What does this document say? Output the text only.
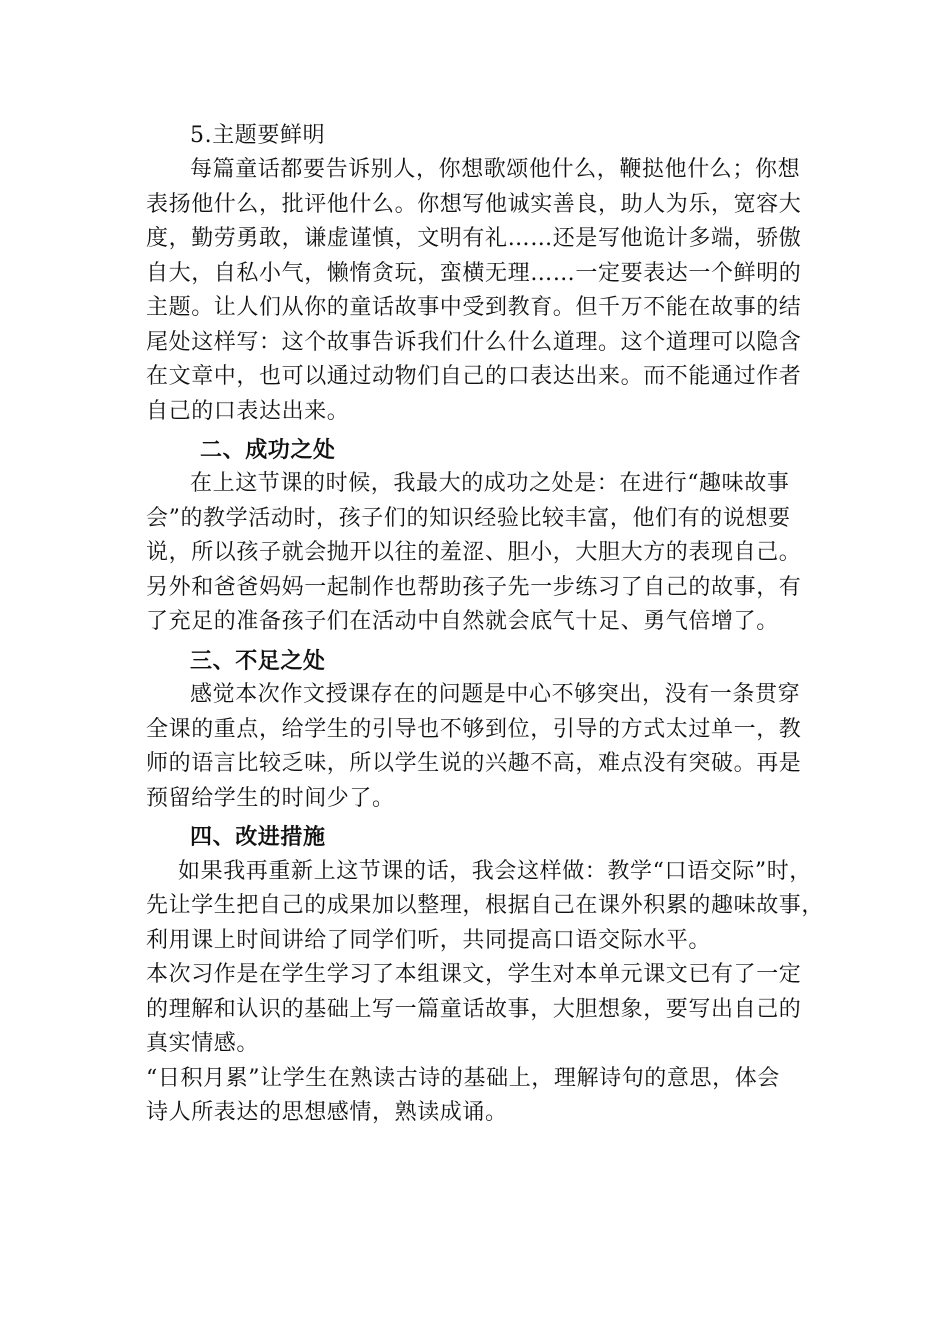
5.主题要鲜明
每篇童话都要告诉别人，你想歌颂他什么，鞭挞他什么；你想
表扬他什么，批评他什么。你想写他诚实善良，助人为乐，宽容大
度，勤劳勇敢，谦虚谨慎，文明有礼……还是写他诡计多端，骄傲
自大，自私小气，懒惰贪玩，蛮横无理……一定要表达一个鲜明的
主题。让人们从你的童话故事中受到教育。但千万不能在故事的结
尾处这样写：这个故事告诉我们什么什么道理。这个道理可以隐含
在文章中，也可以通过动物们自己的口表达出来。而不能通过作者
自己的口表达出来。
二、成功之处
在上这节课的时候，我最大的成功之处是：在进行“趣味故事
会”的教学活动时，孩子们的知识经验比较丰富，他们有的说想要
说，所以孩子就会抛开以往的羞涩、胆小，大胆大方的表现自己。
另外和爸爸妈妈一起制作也帮助孩子先一步练习了自己的故事，有
了充足的准备孩子们在活动中自然就会底气十足、勇气倍增了。
三、不足之处
感觉本次作文授课存在的问题是中心不够突出，没有一条贯穿
全课的重点，给学生的引导也不够到位，引导的方式太过单一，教
师的语言比较乏味，所以学生说的兴趣不高，难点没有突破。再是
预留给学生的时间少了。
四、改进措施
如果我再重新上这节课的话，我会这样做：教学“口语交际”时，
先让学生把自己的成果加以整理，根据自己在课外积累的趣味故事，
利用课上时间讲给了同学们听，共同提高口语交际水平。
本次习作是在学生学习了本组课文，学生对本单元课文已有了一定
的理解和认识的基础上写一篇童话故事，大胆想象，要写出自己的
真实情感。
“日积月累”让学生在熟读古诗的基础上，理解诗句的意思，体会
诗人所表达的思想感情，熟读成诵。
